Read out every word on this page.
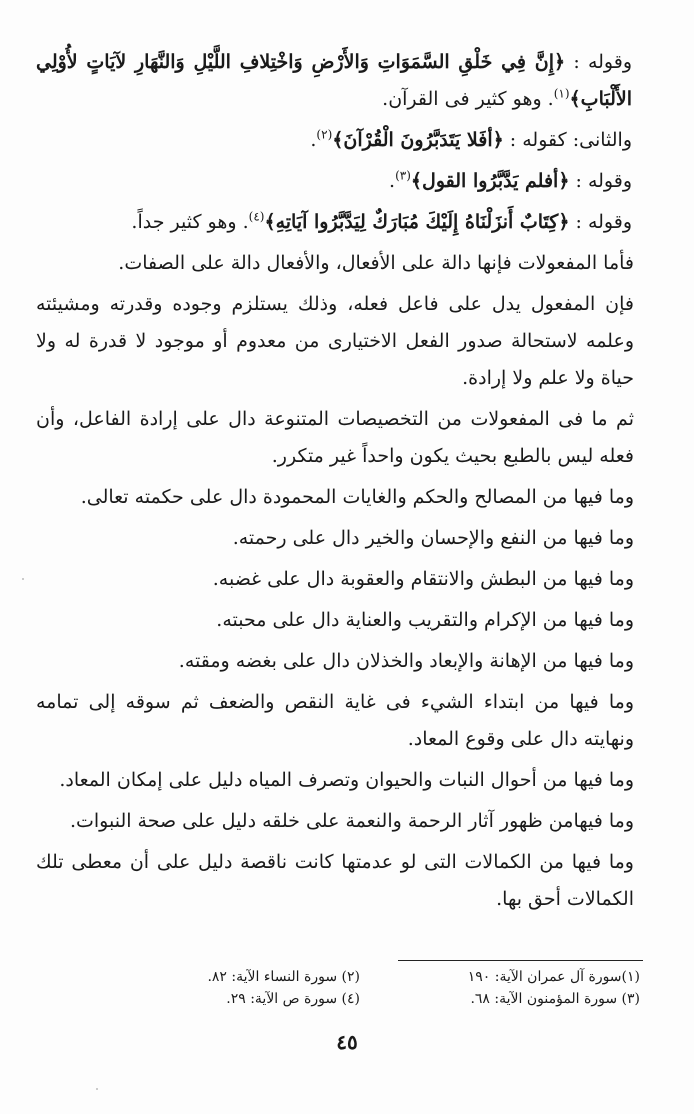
وقوله : ﴿إِنَّ فِي خَلْقِ السَّمَوَاتِ وَالأَرْضِ وَاخْتِلافِ اللَّيْلِ وَالنَّهَارِ لآيَاتٍ لأُوْلِي الأَلْبَابِ﴾$^{(١)}$. وهو كثير فى القرآن.
والثانى: كقوله : ﴿أفَلا يَتَدَبَّرُونَ الْقُرْآنَ﴾$^{(٢)}$.
وقوله : ﴿أفلم يَدَّبَّرُوا القول﴾$^{(٣)}$.
وقوله : ﴿كِتَابٌ أَنزَلْنَاهُ إِلَيْكَ مُبَارَكٌ لِيَدَّبَّرُوا آيَاتِهِ﴾$^{(٤)}$. وهو كثير جداً.

فأما المفعولات فإنها دالة على الأفعال، والأفعال دالة على الصفات.

فإن المفعول يدل على فاعل فعله، وذلك يستلزم وجوده وقدرته ومشيئته وعلمه لاستحالة صدور الفعل الاختيارى من معدوم أو موجود لا قدرة له ولا حياة ولا علم ولا إرادة.

ثم ما فى المفعولات من التخصيصات المتنوعة دال على إرادة الفاعل، وأن فعله ليس بالطبع بحيث يكون واحداً غير متكرر.

وما فيها من المصالح والحكم والغايات المحمودة دال على حكمته تعالى.

وما فيها من النفع والإحسان والخير دال على رحمته.

وما فيها من البطش والانتقام والعقوبة دال على غضبه.

وما فيها من الإكرام والتقريب والعناية دال على محبته.

وما فيها من الإهانة والإبعاد والخذلان دال على بغضه ومقته.

وما فيها من ابتداء الشيء فى غاية النقص والضعف ثم سوقه إلى تمامه ونهايته دال على وقوع المعاد.

وما فيها من أحوال النبات والحيوان وتصرف المياه دليل على إمكان المعاد.

وما فيهامن ظهور آثار الرحمة والنعمة على خلقه دليل على صحة النبوات.

وما فيها من الكمالات التى لو عدمتها كانت ناقصة دليل على أن معطى تلك الكمالات أحق بها.

(١)سورة آل عمران الآية: ١٩٠
(٢) سورة النساء الآية: ٨٢.
(٣) سورة المؤمنون الآية: ٦٨.
(٤) سورة ص الآية: ٢٩.
٤٥
